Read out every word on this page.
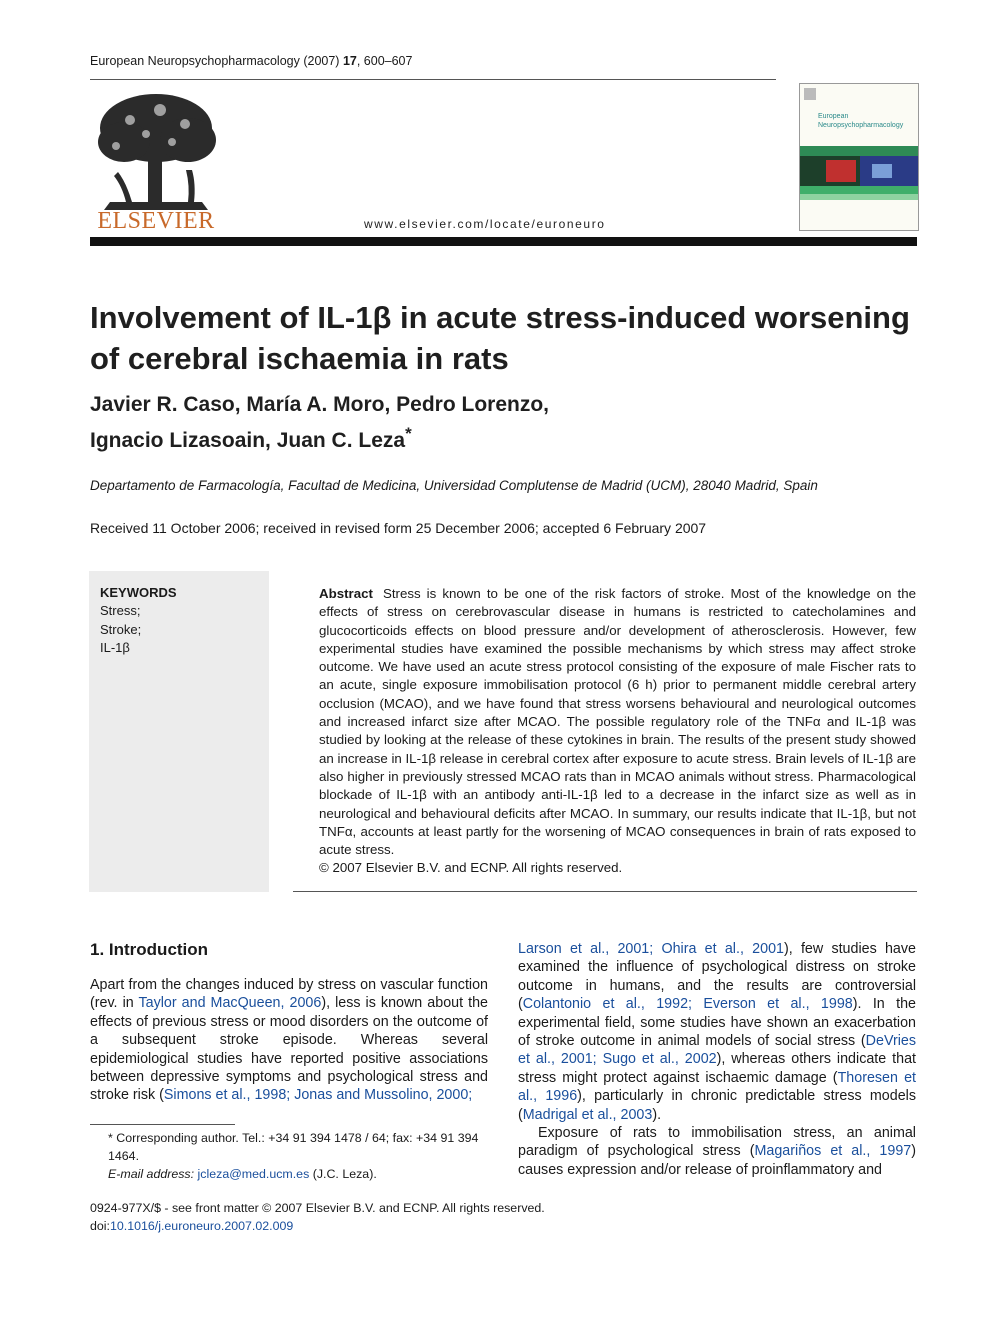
European Neuropsychopharmacology (2007) 17, 600–607
ELSEVIER	www.elsevier.com/locate/euroneuro
European
Neuropsychopharmacology
Involvement of IL-1β in acute stress-induced worsening of cerebral ischaemia in rats
Javier R. Caso, María A. Moro, Pedro Lorenzo,
Ignacio Lizasoain, Juan C. Leza*
Departamento de Farmacología, Facultad de Medicina, Universidad Complutense de Madrid (UCM), 28040 Madrid, Spain
Received 11 October 2006; received in revised form 25 December 2006; accepted 6 February 2007
KEYWORDS
Stress;
Stroke;
IL-1β
Abstract Stress is known to be one of the risk factors of stroke. Most of the knowledge on the effects of stress on cerebrovascular disease in humans is restricted to catecholamines and glucocorticoids effects on blood pressure and/or development of atherosclerosis. However, few experimental studies have examined the possible mechanisms by which stress may affect stroke outcome. We have used an acute stress protocol consisting of the exposure of male Fischer rats to an acute, single exposure immobilisation protocol (6 h) prior to permanent middle cerebral artery occlusion (MCAO), and we have found that stress worsens behavioural and neurological outcomes and increased infarct size after MCAO. The possible regulatory role of the TNFα and IL-1β was studied by looking at the release of these cytokines in brain. The results of the present study showed an increase in IL-1β release in cerebral cortex after exposure to acute stress. Brain levels of IL-1β are also higher in previously stressed MCAO rats than in MCAO animals without stress. Pharmacological blockade of IL-1β with an antibody anti-IL-1β led to a decrease in the infarct size as well as in neurological and behavioural deficits after MCAO. In summary, our results indicate that IL-1β, but not TNFα, accounts at least partly for the worsening of MCAO consequences in brain of rats exposed to acute stress.
© 2007 Elsevier B.V. and ECNP. All rights reserved.
1. Introduction
Apart from the changes induced by stress on vascular function (rev. in Taylor and MacQueen, 2006), less is known about the effects of previous stress or mood disorders on the outcome of a subsequent stroke episode. Whereas several epidemiological studies have reported positive associations between depressive symptoms and psychological stress and stroke risk (Simons et al., 1998; Jonas and Mussolino, 2000;

Larson et al., 2001; Ohira et al., 2001), few studies have examined the influence of psychological distress on stroke outcome in humans, and the results are controversial (Colantonio et al., 1992; Everson et al., 1998). In the experimental field, some studies have shown an exacerbation of stroke outcome in animal models of social stress (DeVries et al., 2001; Sugo et al., 2002), whereas others indicate that stress might protect against ischaemic damage (Thoresen et al., 1996), particularly in chronic predictable stress models (Madrigal et al., 2003).

Exposure of rats to immobilisation stress, an animal paradigm of psychological stress (Magariños et al., 1997) causes expression and/or release of proinflammatory and

* Corresponding author. Tel.: +34 91 394 1478 / 64; fax: +34 91 394 1464.
E-mail address: jcleza@med.ucm.es (J.C. Leza).
0924-977X/$ - see front matter © 2007 Elsevier B.V. and ECNP. All rights reserved.
doi:10.1016/j.euroneuro.2007.02.009
